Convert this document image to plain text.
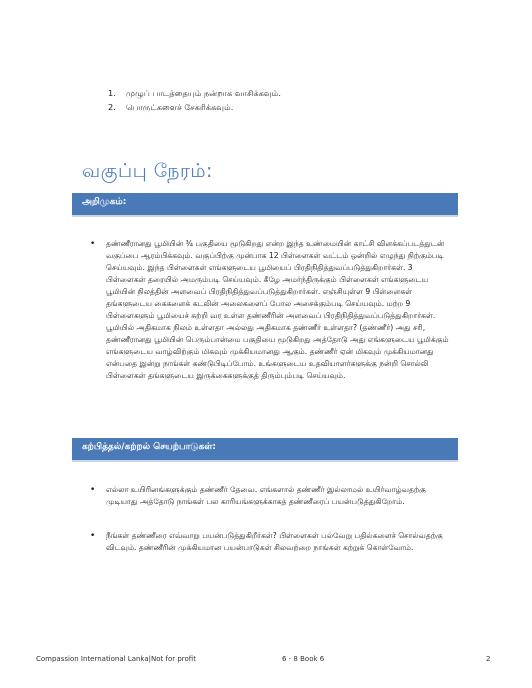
1.	முழுப் பாடத்தையும் நன்றாக வாசிக்கவும்.
2.	பொருட்களைச் சேகரிக்கவும்.
வகுப்பு நேரம்:
அறிமுகம்:
• தண்ணீரானது பூமியின் ¾ பகுதியை மூடுகிறது என்ற இந்த உண்மையின் காட்சி விளக்கப்படத்துடன் வகுப்பை ஆரம்பிக்கவும். வகுப்பிற்கு முன்பாக 12 பிள்ளைகள் வட்டம் ஒன்றில் எழுந்து நிற்கும்படி செய்யவும். இந்த பிள்ளைகள் எங்களுடைய பூமியைப் பிரதிநிதித்துவப்படுத்துகிறார்கள். 3 பிள்ளைகள் தரையில் அமரும்படி செய்யவும். கீழே அமர்ந்திருக்கும் பிள்ளைகள் எங்களுடைய பூமியின் நிலத்தின் அளவைப் பிரதிநிதித்துவப்படுத்துகிறார்கள். எஞ்சியுள்ள 9 பிள்ளைகள் தங்களுடைய கைகளைக் கடலின் அலைகளைப் போல அசைக்கும்படி செய்யவும். மற்ற 9 பிள்ளைகளும் பூமியைச் சுற்றி வர உள்ள தண்ணீரின் அளவைப் பிரதிநிதித்துவப்படுத்துகிறார்கள். பூமியில் அதிகமாக நிலம் உள்ளதா அல்லது அதிகமாக தண்ணீர் உள்ளதா? (தண்ணீர்) அது சரி, தண்ணீரானது பூமியின் பெரும்பான்மை பகுதியை மூடுகிறது அத்தோடு அது எங்களுடைய பூமிக்கும் எங்களுடைய வாழ்விற்கும் மிகவும் முக்கியமானது ஆகும். தண்ணீர் ஏன் மிகவும் முக்கியமானது என்பதை இன்று நாங்கள் கண்டுபிடிப்போம். உங்களுடைய உதவியாளர்களுக்கு நன்றி சொல்லி பிள்ளைகள் தங்களுடைய இருக்கைகளுக்குத் திரும்பும்படி செய்யவும்.
கற்பித்தல்/கற்றல் செயற்பாடுகள்:
• எல்லா உயிரினங்களுக்கும் தண்ணீர் தேவை. எங்களால் தண்ணீர் இல்லாமல் உயிர்வாழ்வதற்கு முடியாது அத்தோடு நாங்கள் பல காரியங்களுக்காகத் தண்ணீரைப் பயன்படுத்துகிறோம்.
• நீங்கள் தண்ணீரை எவ்வாறு பயன்படுத்துகிறீர்கள்? பிள்ளைகள் பல்வேறு பதில்களைச் சொல்வதற்கு விடவும். தண்ணீரின் முக்கியமான பயன்பாடுகள் சிலவற்றை நாங்கள் கற்றுக் கொள்வோம்.
Compassion International Lanka|Not for profit	6 - 8 Book 6	2
